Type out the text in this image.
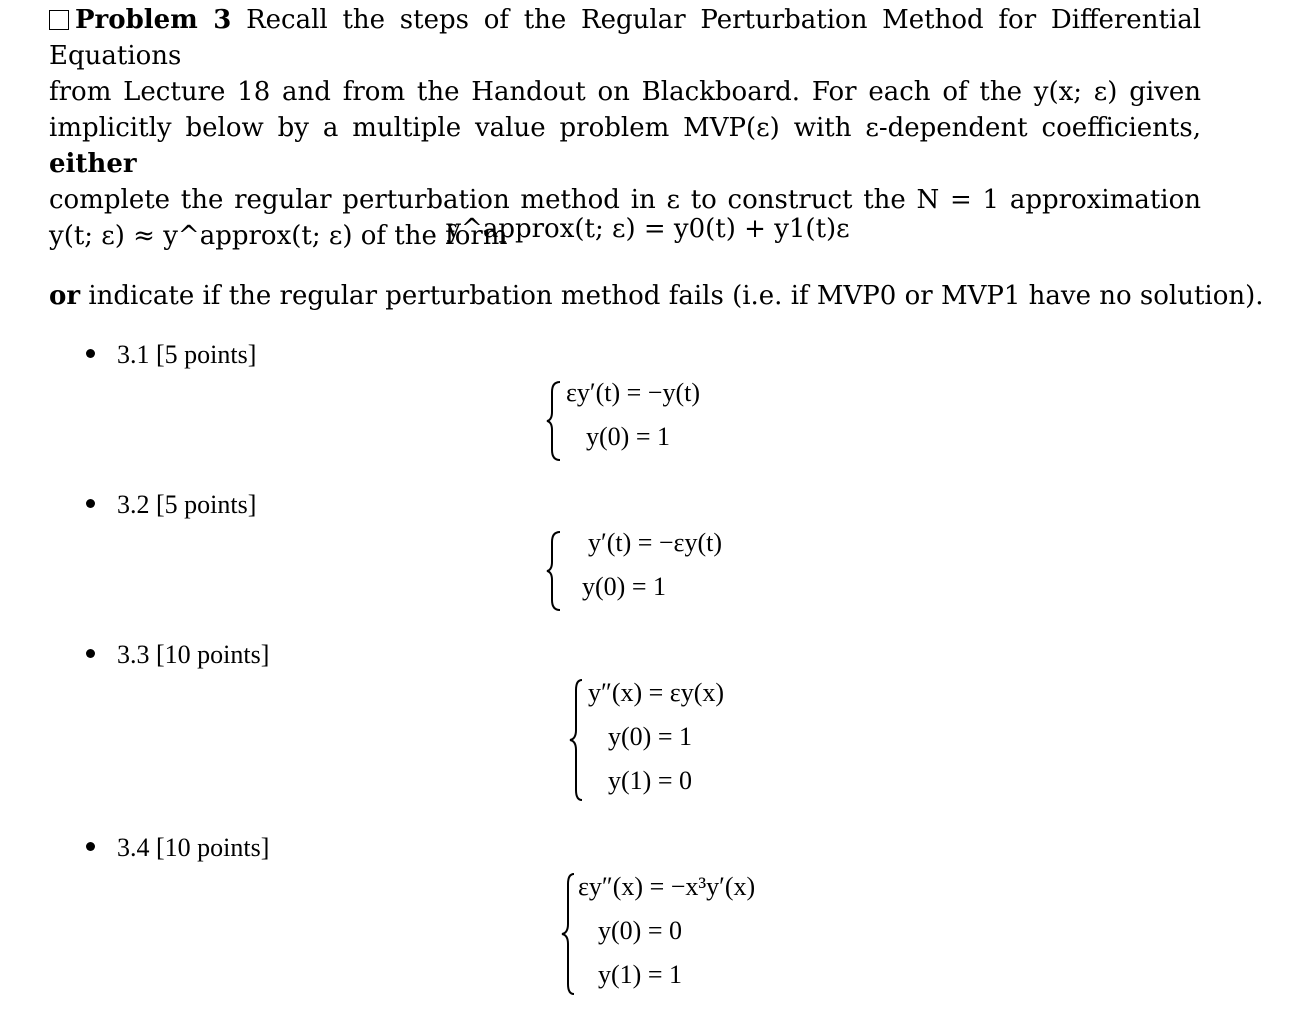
Problem 3 Recall the steps of the Regular Perturbation Method for Differential Equations
from Lecture 18 and from the Handout on Blackboard. For each of the y(x; ε) given
implicitly below by a multiple value problem MVP(ε) with ε-dependent coefficients, either
complete the regular perturbation method in ε to construct the N = 1 approximation
y(t; ε) ≈ y^approx(t; ε) of the form
y^approx(t; ε) = y0(t) + y1(t)ε
or indicate if the regular perturbation method fails (i.e. if MVP0 or MVP1 have no solution).
3.1 [5 points]
εy′(t) = −y(t)
y(0) = 1
3.2 [5 points]
y′(t) = −εy(t)
y(0) = 1
3.3 [10 points]
y″(x) = εy(x)
y(0) = 1
y(1) = 0
3.4 [10 points]
εy″(x) = −x³y′(x)
y(0) = 0
y(1) = 1
